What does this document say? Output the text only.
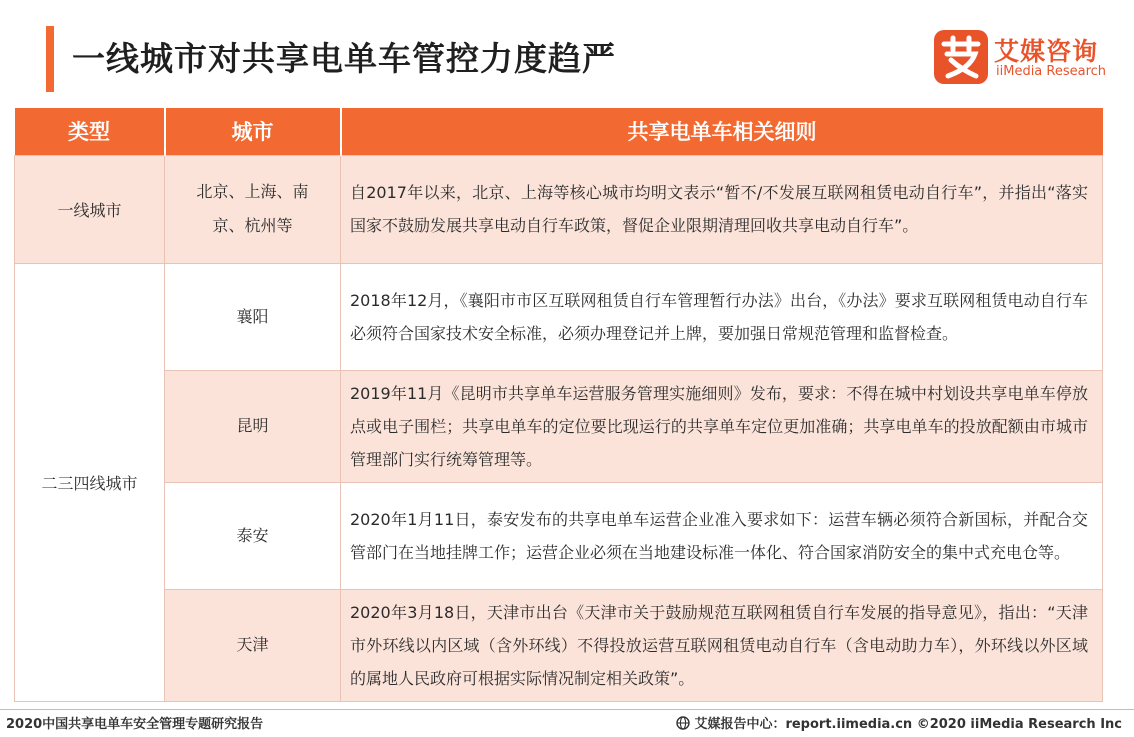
一线城市对共享电单车管控力度趋严	艾媒咨询
iiMedia Research
类型	城市	共享电单车相关细则
一线城市	北京、上海、南京、杭州等	自2017年以来，北京、上海等核心城市均明文表示“暂不/不发展互联网租赁电动自行车”，并指出“落实国家不鼓励发展共享电动自行车政策，督促企业限期清理回收共享电动自行车”。
二三四线城市	襄阳	2018年12月，《襄阳市市区互联网租赁自行车管理暂行办法》出台，《办法》要求互联网租赁电动自行车必须符合国家技术安全标准，必须办理登记并上牌，要加强日常规范管理和监督检查。
	昆明	2019年11月《昆明市共享单车运营服务管理实施细则》发布，要求：不得在城中村划设共享电单车停放点或电子围栏；共享电单车的定位要比现运行的共享单车定位更加准确；共享电单车的投放配额由市城市管理部门实行统筹管理等。
	泰安	2020年1月11日，泰安发布的共享电单车运营企业准入要求如下：运营车辆必须符合新国标，并配合交管部门在当地挂牌工作；运营企业必须在当地建设标准一体化、符合国家消防安全的集中式充电仓等。
	天津	2020年3月18日，天津市出台《天津市关于鼓励规范互联网租赁自行车发展的指导意见》，指出：“天津市外环线以内区域（含外环线）不得投放运营互联网租赁电动自行车（含电动助力车），外环线以外区域的属地人民政府可根据实际情况制定相关政策”。
2020中国共享电单车安全管理专题研究报告	艾媒报告中心：report.iimedia.cn ©2020 iiMedia Research Inc
